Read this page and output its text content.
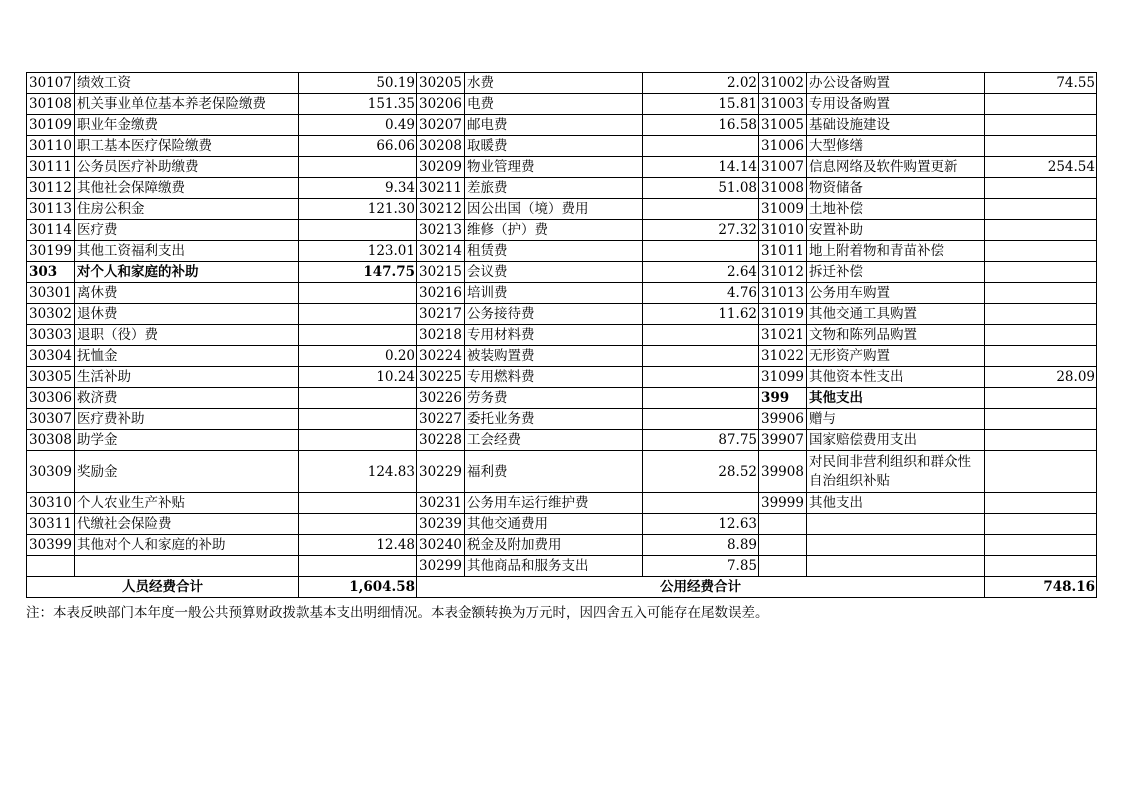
30107	绩效工资	50.19	30205	水费	2.02	31002	办公设备购置	74.55
30108	机关事业单位基本养老保险缴费	151.35	30206	电费	15.81	31003	专用设备购置	
30109	职业年金缴费	0.49	30207	邮电费	16.58	31005	基础设施建设	
30110	职工基本医疗保险缴费	66.06	30208	取暖费		31006	大型修缮	
30111	公务员医疗补助缴费		30209	物业管理费	14.14	31007	信息网络及软件购置更新	254.54
30112	其他社会保障缴费	9.34	30211	差旅费	51.08	31008	物资储备	
30113	住房公积金	121.30	30212	因公出国（境）费用		31009	土地补偿	
30114	医疗费		30213	维修（护）费	27.32	31010	安置补助	
30199	其他工资福利支出	123.01	30214	租赁费		31011	地上附着物和青苗补偿	
303	对个人和家庭的补助	147.75	30215	会议费	2.64	31012	拆迁补偿	
30301	离休费		30216	培训费	4.76	31013	公务用车购置	
30302	退休费		30217	公务接待费	11.62	31019	其他交通工具购置	
30303	退职（役）费		30218	专用材料费		31021	文物和陈列品购置	
30304	抚恤金	0.20	30224	被装购置费		31022	无形资产购置	
30305	生活补助	10.24	30225	专用燃料费		31099	其他资本性支出	28.09
30306	救济费		30226	劳务费		399	其他支出	
30307	医疗费补助		30227	委托业务费		39906	赠与	
30308	助学金		30228	工会经费	87.75	39907	国家赔偿费用支出	
30309	奖励金	124.83	30229	福利费	28.52	39908	对民间非营利组织和群众性自治组织补贴	
30310	个人农业生产补贴		30231	公务用车运行维护费		39999	其他支出	
30311	代缴社会保险费		30239	其他交通费用	12.63			
30399	其他对个人和家庭的补助	12.48	30240	税金及附加费用	8.89			
			30299	其他商品和服务支出	7.85			
人员经费合计		1,604.58	公用经费合计					748.16
注：本表反映部门本年度一般公共预算财政拨款基本支出明细情况。本表金额转换为万元时，因四舍五入可能存在尾数误差。
